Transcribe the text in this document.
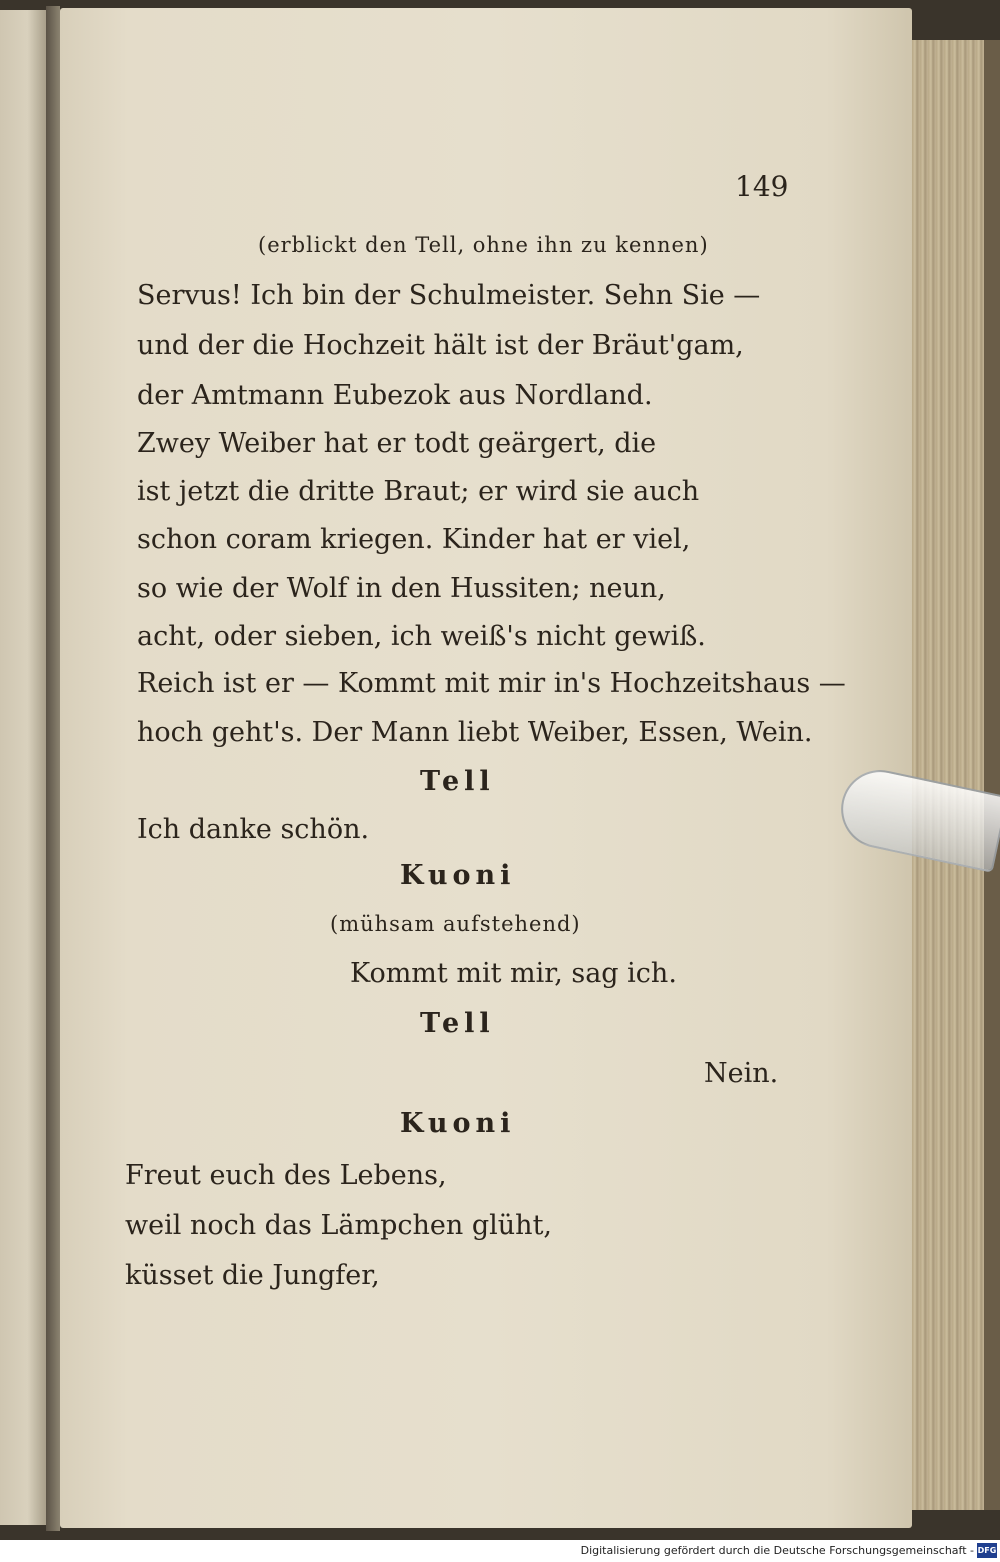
149
(erblickt den Tell, ohne ihn zu kennen)
Servus! Ich bin der Schulmeister. Sehn Sie —
und der die Hochzeit hält ist der Bräut'gam,
der Amtmann Eubezok aus Nordland.
Zwey Weiber hat er todt geärgert, die
ist jetzt die dritte Braut; er wird sie auch
schon coram kriegen. Kinder hat er viel,
so wie der Wolf in den Hussiten; neun,
acht, oder sieben, ich weiß's nicht gewiß.
Reich ist er — Kommt mit mir in's Hochzeitshaus —
hoch geht's. Der Mann liebt Weiber, Essen, Wein.
Tell
Ich danke schön.
Kuoni
(mühsam aufstehend)
Kommt mit mir, sag ich.
Tell
Nein.
Kuoni
Freut euch des Lebens,
weil noch das Lämpchen glüht,
küsset die Jungfer,
Digitalisierung gefördert durch die Deutsche Forschungsgemeinschaft - DFG
